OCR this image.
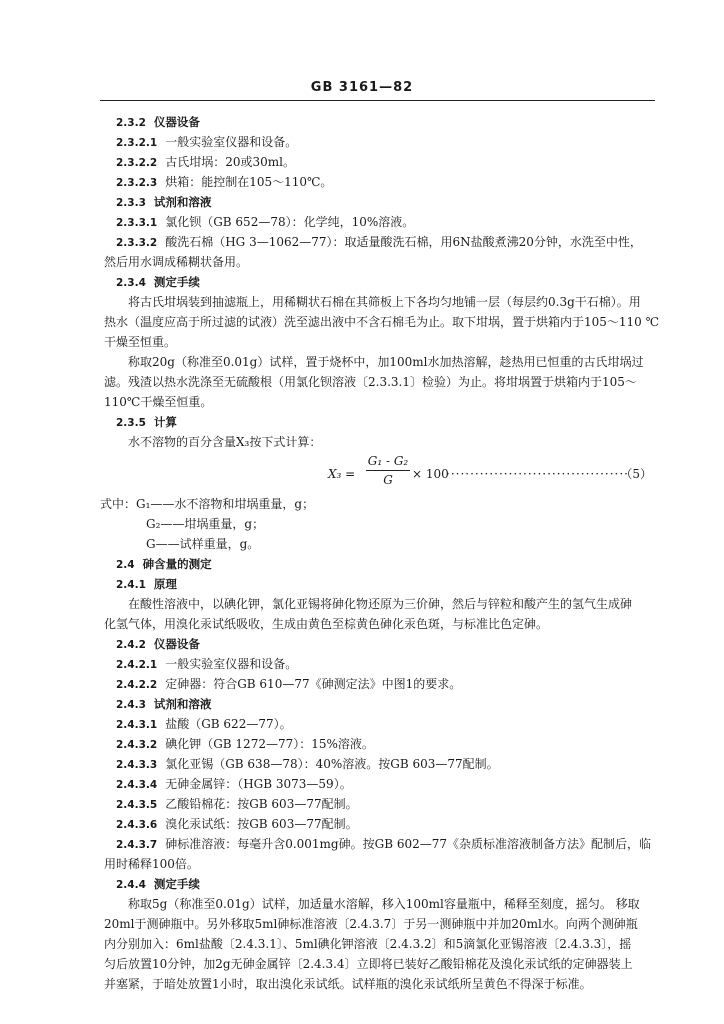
GB 3161—82
2.3.2 仪器设备
2.3.2.1 一般实验室仪器和设备。
2.3.2.2 古氏坩埚：20或30ml。
2.3.2.3 烘箱：能控制在105～110℃。
2.3.3 试剂和溶液
2.3.3.1 氯化钡（GB 652—78）：化学纯，10%溶液。
2.3.3.2 酸洗石棉（HG 3—1062—77）：取适量酸洗石棉，用6N盐酸煮沸20分钟，水洗至中性，
然后用水调成稀糊状备用。
2.3.4 测定手续
将古氏坩埚装到抽滤瓶上，用稀糊状石棉在其筛板上下各均匀地铺一层（每层约0.3g干石棉）。用
热水（温度应高于所过滤的试液）洗至滤出液中不含石棉毛为止。取下坩埚，置于烘箱内于105～110 ℃
干燥至恒重。
称取20g（称准至0.01g）试样，置于烧杯中，加100ml水加热溶解，趁热用已恒重的古氏坩埚过
滤。残渣以热水洗涤至无硫酸根（用氯化钡溶液〔2.3.3.1〕检验）为止。将坩埚置于烘箱内于105～
110℃干燥至恒重。
2.3.5 计算
水不溶物的百分含量X₃按下式计算：
$X_3 = \frac{\text{G₁ - G₂}}{G} \times 100$
······································
（5）
式中：G₁——水不溶物和坩埚重量，g；
G₂——坩埚重量，g；
G——试样重量，g。
2.4 砷含量的测定
2.4.1 原理
在酸性溶液中，以碘化钾，氯化亚锡将砷化物还原为三价砷，然后与锌粒和酸产生的氢气生成砷
化氢气体，用溴化汞试纸吸收，生成由黄色至棕黄色砷化汞色斑，与标准比色定砷。
2.4.2 仪器设备
2.4.2.1 一般实验室仪器和设备。
2.4.2.2 定砷器：符合GB 610—77《砷测定法》中图1的要求。
2.4.3 试剂和溶液
2.4.3.1 盐酸（GB 622—77）。
2.4.3.2 碘化钾（GB 1272—77）：15%溶液。
2.4.3.3 氯化亚锡（GB 638—78）：40%溶液。按GB 603—77配制。
2.4.3.4 无砷金属锌：（HGB 3073—59）。
2.4.3.5 乙酸铅棉花：按GB 603—77配制。
2.4.3.6 溴化汞试纸：按GB 603—77配制。
2.4.3.7 砷标准溶液：每毫升含0.001mg砷。按GB 602—77《杂质标准溶液制备方法》配制后，临
用时稀释100倍。
2.4.4 测定手续
称取5g（称准至0.01g）试样，加适量水溶解，移入100ml容量瓶中，稀释至刻度，摇匀。 移取
20ml于测砷瓶中。另外移取5ml砷标准溶液〔2.4.3.7〕于另一测砷瓶中并加20ml水。向两个测砷瓶
内分别加入：6ml盐酸〔2.4.3.1〕、5ml碘化钾溶液〔2.4.3.2〕和5滴氯化亚锡溶液〔2.4.3.3〕，摇
匀后放置10分钟，加2g无砷金属锌〔2.4.3.4〕立即将已装好乙酸铅棉花及溴化汞试纸的定砷器装上
并塞紧，于暗处放置1小时，取出溴化汞试纸。试样瓶的溴化汞试纸所呈黄色不得深于标准。
